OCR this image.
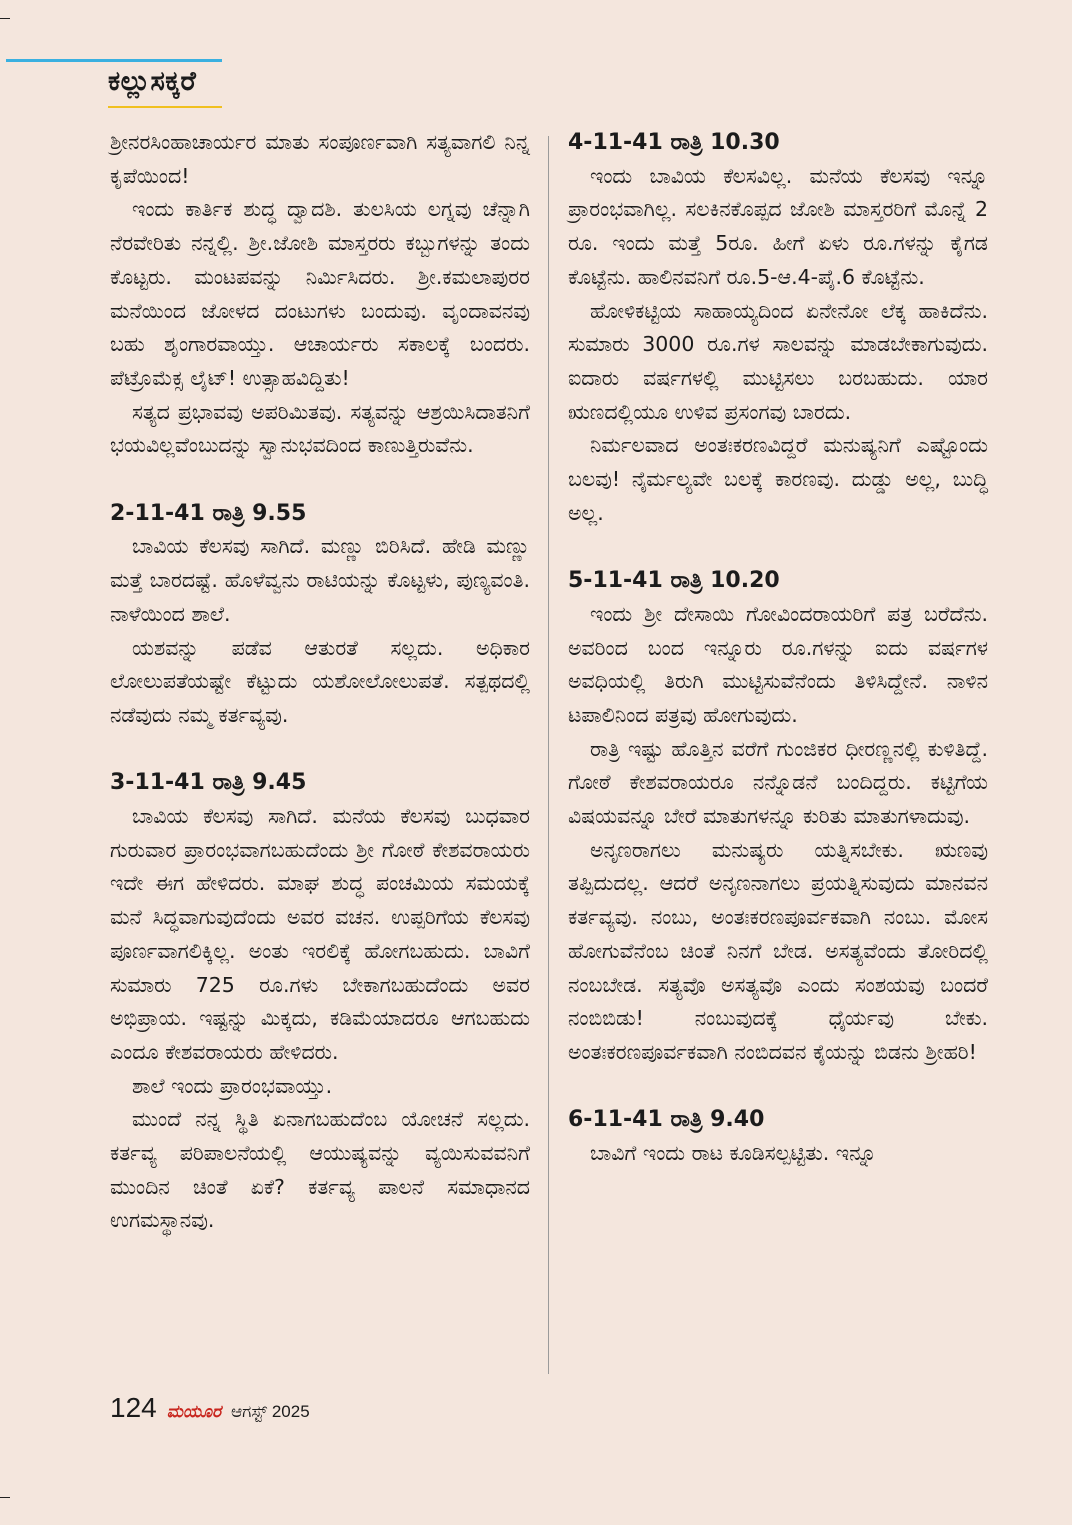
ಕಲ್ಲುಸಕ್ಕರೆ

ಶ್ರೀನರಸಿಂಹಾಚಾರ್ಯರ ಮಾತು ಸಂಪೂರ್ಣವಾಗಿ ಸತ್ಯವಾಗಲಿ ನಿನ್ನ ಕೃಪೆಯಿಂದ!

ಇಂದು ಕಾರ್ತಿಕ ಶುದ್ಧ ದ್ವಾದಶಿ. ತುಲಸಿಯ ಲಗ್ನವು ಚೆನ್ನಾಗಿ ನೆರವೇರಿತು ನನ್ನಲ್ಲಿ. ಶ್ರೀ.ಜೋಶಿ ಮಾಸ್ತರರು ಕಬ್ಬುಗಳನ್ನು ತಂದು ಕೊಟ್ಟರು. ಮಂಟಪವನ್ನು ನಿರ್ಮಿಸಿದರು. ಶ್ರೀ.ಕಮಲಾಪುರರ ಮನೆಯಿಂದ ಜೋಳದ ದಂಟುಗಳು ಬಂದುವು. ವೃಂದಾವನವು ಬಹು ಶೃಂಗಾರವಾಯ್ತು. ಆಚಾರ್ಯರು ಸಕಾಲಕ್ಕೆ ಬಂದರು. ಪೆಟ್ರೊಮೆಕ್ಸ ಲೈಟ್! ಉತ್ಸಾಹವಿದ್ದಿತು!

ಸತ್ಯದ ಪ್ರಭಾವವು ಅಪರಿಮಿತವು. ಸತ್ಯವನ್ನು ಆಶ್ರಯಿಸಿದಾತನಿಗೆ ಭಯವಿಲ್ಲವೆಂಬುದನ್ನು ಸ್ವಾನುಭವದಿಂದ ಕಾಣುತ್ತಿರುವೆನು.

2-11-41 ರಾತ್ರಿ 9.55

ಬಾವಿಯ ಕೆಲಸವು ಸಾಗಿದೆ. ಮಣ್ಣು ಬಿರಿಸಿದೆ. ಹೇಡಿ ಮಣ್ಣು ಮತ್ತೆ ಬಾರದಷ್ಟೆ. ಹೊಳೆವ್ವನು ರಾಟಿಯನ್ನು ಕೊಟ್ಟಳು, ಪುಣ್ಯವಂತಿ. ನಾಳೆಯಿಂದ ಶಾಲೆ.

ಯಶವನ್ನು ಪಡೆವ ಆತುರತೆ ಸಲ್ಲದು. ಅಧಿಕಾರ ಲೋಲುಪತೆಯಷ್ಟೇ ಕೆಟ್ಟುದು ಯಶೋಲೋಲುಪತೆ. ಸತ್ಪಥದಲ್ಲಿ ನಡೆವುದು ನಮ್ಮ ಕರ್ತವ್ಯವು.

3-11-41 ರಾತ್ರಿ 9.45

ಬಾವಿಯ ಕೆಲಸವು ಸಾಗಿದೆ. ಮನೆಯ ಕೆಲಸವು ಬುಧವಾರ ಗುರುವಾರ ಪ್ರಾರಂಭವಾಗಬಹುದೆಂದು ಶ್ರೀ ಗೋಠೆ ಕೇಶವರಾಯರು ಇದೇ ಈಗ ಹೇಳಿದರು. ಮಾಘ ಶುದ್ಧ ಪಂಚಮಿಯ ಸಮಯಕ್ಕೆ ಮನೆ ಸಿದ್ಧವಾಗುವುದೆಂದು ಅವರ ವಚನ. ಉಪ್ಪರಿಗೆಯ ಕೆಲಸವು ಪೂರ್ಣವಾಗಲಿಕ್ಕಿಲ್ಲ. ಅಂತು ಇರಲಿಕ್ಕೆ ಹೋಗಬಹುದು. ಬಾವಿಗೆ ಸುಮಾರು 725 ರೂ.ಗಳು ಬೇಕಾಗಬಹುದೆಂದು ಅವರ ಅಭಿಪ್ರಾಯ. ಇಷ್ಟನ್ನು ಮಿಕ್ಕದು, ಕಡಿಮೆಯಾದರೂ ಆಗಬಹುದು ಎಂದೂ ಕೇಶವರಾಯರು ಹೇಳಿದರು.

ಶಾಲೆ ಇಂದು ಪ್ರಾರಂಭವಾಯ್ತು.

ಮುಂದೆ ನನ್ನ ಸ್ಥಿತಿ ಏನಾಗಬಹುದೆಂಬ ಯೋಚನೆ ಸಲ್ಲದು. ಕರ್ತವ್ಯ ಪರಿಪಾಲನೆಯಲ್ಲಿ ಆಯುಷ್ಯವನ್ನು ವ್ಯಯಿಸುವವನಿಗೆ ಮುಂದಿನ ಚಿಂತೆ ಏಕೆ? ಕರ್ತವ್ಯ ಪಾಲನೆ ಸಮಾಧಾನದ ಉಗಮಸ್ಥಾನವು.

4-11-41 ರಾತ್ರಿ 10.30

ಇಂದು ಬಾವಿಯ ಕೆಲಸವಿಲ್ಲ. ಮನೆಯ ಕೆಲಸವು ಇನ್ನೂ ಪ್ರಾರಂಭವಾಗಿಲ್ಲ. ಸಲಕಿನಕೊಪ್ಪದ ಜೋಶಿ ಮಾಸ್ತರರಿಗೆ ಮೊನ್ನೆ 2 ರೂ. ಇಂದು ಮತ್ತೆ 5ರೂ. ಹೀಗೆ ಏಳು ರೂ.ಗಳನ್ನು ಕೈಗಡ ಕೊಟ್ಟೆನು. ಹಾಲಿನವನಿಗೆ ರೂ.5-ಆ.4-ಪೈ.6 ಕೊಟ್ಟೆನು.

ಹೋಳಿಕಟ್ಟಿಯ ಸಾಹಾಯ್ಯದಿಂದ ಏನೇನೋ ಲೆಕ್ಕ ಹಾಕಿದೆನು. ಸುಮಾರು 3000 ರೂ.ಗಳ ಸಾಲವನ್ನು ಮಾಡಬೇಕಾಗುವುದು. ಐದಾರು ವರ್ಷಗಳಲ್ಲಿ ಮುಟ್ಟಿಸಲು ಬರಬಹುದು. ಯಾರ ಋಣದಲ್ಲಿಯೂ ಉಳಿವ ಪ್ರಸಂಗವು ಬಾರದು.

ನಿರ್ಮಲವಾದ ಅಂತಃಕರಣವಿದ್ದರೆ ಮನುಷ್ಯನಿಗೆ ಎಷ್ಟೊಂದು ಬಲವು! ನೈರ್ಮಲ್ಯವೇ ಬಲಕ್ಕೆ ಕಾರಣವು. ದುಡ್ಡು ಅಲ್ಲ, ಬುದ್ಧಿ ಅಲ್ಲ.

5-11-41 ರಾತ್ರಿ 10.20

ಇಂದು ಶ್ರೀ ದೇಸಾಯಿ ಗೋವಿಂದರಾಯರಿಗೆ ಪತ್ರ ಬರೆದೆನು. ಅವರಿಂದ ಬಂದ ಇನ್ನೂರು ರೂ.ಗಳನ್ನು ಐದು ವರ್ಷಗಳ ಅವಧಿಯಲ್ಲಿ ತಿರುಗಿ ಮುಟ್ಟಿಸುವೆನೆಂದು ತಿಳಿಸಿದ್ದೇನೆ. ನಾಳಿನ ಟಪಾಲಿನಿಂದ ಪತ್ರವು ಹೋಗುವುದು.

ರಾತ್ರಿ ಇಷ್ಟು ಹೊತ್ತಿನ ವರೆಗೆ ಗುಂಜಿಕರ ಧೀರಣ್ಣನಲ್ಲಿ ಕುಳಿತಿದ್ದೆ. ಗೋಠೆ ಕೇಶವರಾಯರೂ ನನ್ನೊಡನೆ ಬಂದಿದ್ದರು. ಕಟ್ಟಿಗೆಯ ವಿಷಯವನ್ನೂ ಬೇರೆ ಮಾತುಗಳನ್ನೂ ಕುರಿತು ಮಾತುಗಳಾದುವು.

ಅನೃಣರಾಗಲು ಮನುಷ್ಯರು ಯತ್ನಿಸಬೇಕು. ಋಣವು ತಪ್ಪಿದುದಲ್ಲ. ಆದರೆ ಅನೃಣನಾಗಲು ಪ್ರಯತ್ನಿಸುವುದು ಮಾನವನ ಕರ್ತವ್ಯವು. ನಂಬು, ಅಂತಃಕರಣಪೂರ್ವಕವಾಗಿ ನಂಬು. ಮೋಸ ಹೋಗುವೆನೆಂಬ ಚಿಂತೆ ನಿನಗೆ ಬೇಡ. ಅಸತ್ಯವೆಂದು ತೋರಿದಲ್ಲಿ ನಂಬಬೇಡ. ಸತ್ಯವೊ ಅಸತ್ಯವೊ ಎಂದು ಸಂಶಯವು ಬಂದರೆ ನಂಬಿಬಿಡು! ನಂಬುವುದಕ್ಕೆ ಧೈರ್ಯವು ಬೇಕು. ಅಂತಃಕರಣಪೂರ್ವಕವಾಗಿ ನಂಬಿದವನ ಕೈಯನ್ನು ಬಿಡನು ಶ್ರೀಹರಿ!

6-11-41 ರಾತ್ರಿ 9.40

ಬಾವಿಗೆ ಇಂದು ರಾಟ ಕೂಡಿಸಲ್ಪಟ್ಟಿತು. ಇನ್ನೂ

124 ಮಯೂರ ಆಗಸ್ಟ್ 2025
